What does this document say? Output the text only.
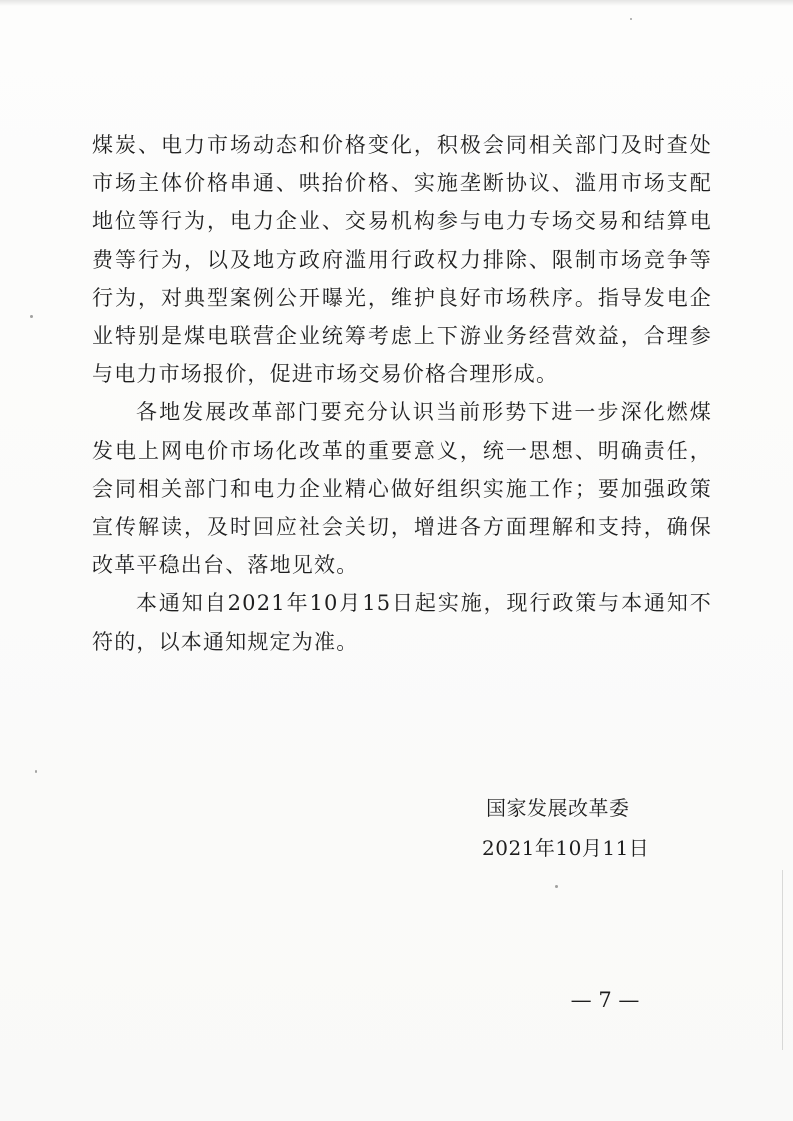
煤炭、电力市场动态和价格变化，积极会同相关部门及时查处市场主体价格串通、哄抬价格、实施垄断协议、滥用市场支配地位等行为，电力企业、交易机构参与电力专场交易和结算电费等行为，以及地方政府滥用行政权力排除、限制市场竞争等行为，对典型案例公开曝光，维护良好市场秩序。指导发电企业特别是煤电联营企业统筹考虑上下游业务经营效益，合理参与电力市场报价，促进市场交易价格合理形成。

各地发展改革部门要充分认识当前形势下进一步深化燃煤发电上网电价市场化改革的重要意义，统一思想、明确责任，会同相关部门和电力企业精心做好组织实施工作；要加强政策宣传解读，及时回应社会关切，增进各方面理解和支持，确保改革平稳出台、落地见效。

本通知自2021年10月15日起实施，现行政策与本通知不符的，以本通知规定为准。

国家发展改革委
2021年10月11日
— 7 —
